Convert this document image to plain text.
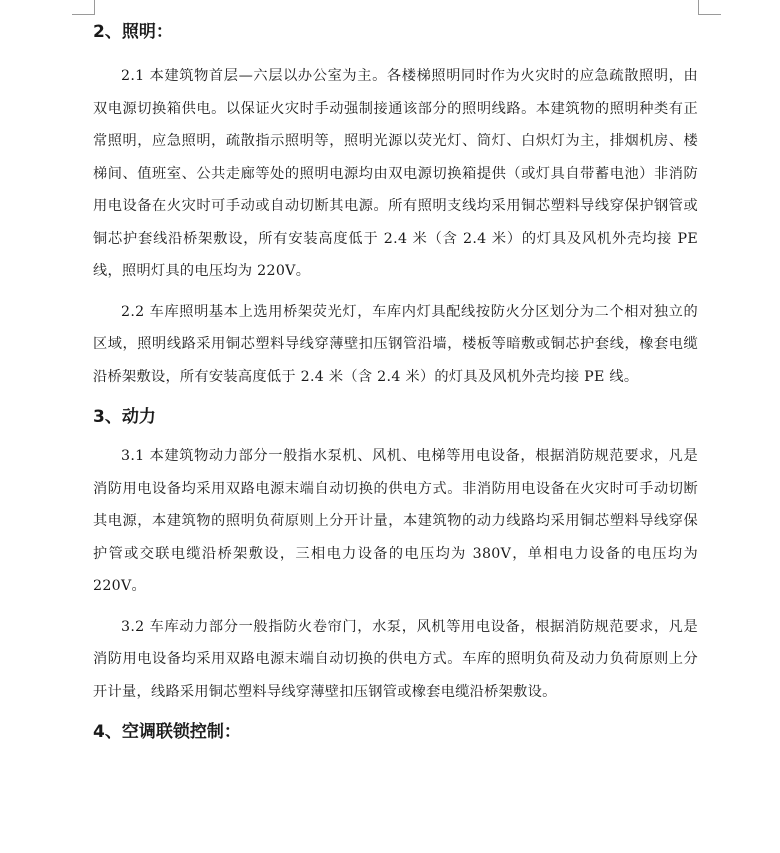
2、照明：

2.1 本建筑物首层—六层以办公室为主。各楼梯照明同时作为火灾时的应急疏散照明，由双电源切换箱供电。以保证火灾时手动强制接通该部分的照明线路。本建筑物的照明种类有正常照明，应急照明，疏散指示照明等，照明光源以荧光灯、筒灯、白炽灯为主，排烟机房、楼梯间、值班室、公共走廊等处的照明电源均由双电源切换箱提供（或灯具自带蓄电池）非消防用电设备在火灾时可手动或自动切断其电源。所有照明支线均采用铜芯塑料导线穿保护钢管或铜芯护套线沿桥架敷设，所有安装高度低于 2.4 米（含 2.4 米）的灯具及风机外壳均接 PE 线，照明灯具的电压均为 220V。

2.2 车库照明基本上选用桥架荧光灯，车库内灯具配线按防火分区划分为二个相对独立的区域，照明线路采用铜芯塑料导线穿薄壁扣压钢管沿墙，楼板等暗敷或铜芯护套线，橡套电缆沿桥架敷设，所有安装高度低于 2.4 米（含 2.4 米）的灯具及风机外壳均接 PE 线。

3、动力

3.1 本建筑物动力部分一般指水泵机、风机、电梯等用电设备，根据消防规范要求，凡是消防用电设备均采用双路电源末端自动切换的供电方式。非消防用电设备在火灾时可手动切断其电源，本建筑物的照明负荷原则上分开计量，本建筑物的动力线路均采用铜芯塑料导线穿保护管或交联电缆沿桥架敷设，三相电力设备的电压均为 380V，单相电力设备的电压均为 220V。

3.2 车库动力部分一般指防火卷帘门，水泵，风机等用电设备，根据消防规范要求，凡是消防用电设备均采用双路电源末端自动切换的供电方式。车库的照明负荷及动力负荷原则上分开计量，线路采用铜芯塑料导线穿薄壁扣压钢管或橡套电缆沿桥架敷设。

4、空调联锁控制：
